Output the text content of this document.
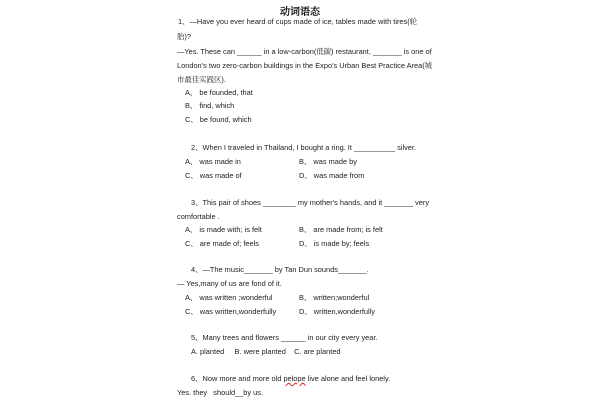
动词语态
1、—Have you ever heard of cups made of ice, tables made with tires(轮
胎)?
—Yes. These can ______ in a low-carbon(低碳) restaurant, _______ is one of
London's two zero-carbon buildings in the Expo's Urban Best Practice Area(城
市最佳实践区).
A、 be founded, that
B、 find, which
C、 be found, which
2、When I traveled in Thailand, I bought a ring. It __________ silver.
A、 was made in	B、 was made by
C、 was made of	D、 was made from
3、This pair of shoes ________ my mother's hands, and it _______ very
comfortable .
A、 is made with; is felt	B、 are made from; is felt
C、 are made of; feels	D、 is made by; feels
4、—The music_______ by Tan Dun sounds_______.
— Yes,many of us are fond of it.
A、 was written ;wonderful	B、 written;wonderful
C、 was written,wonderfully	D、 written,wonderfully
5、Many trees and flowers ______ in our city every year.
A. planted     B. were planted    C. are planted
6、Now more and more old pelope live alone and feel lonely.
Yes. they   should__by us.
